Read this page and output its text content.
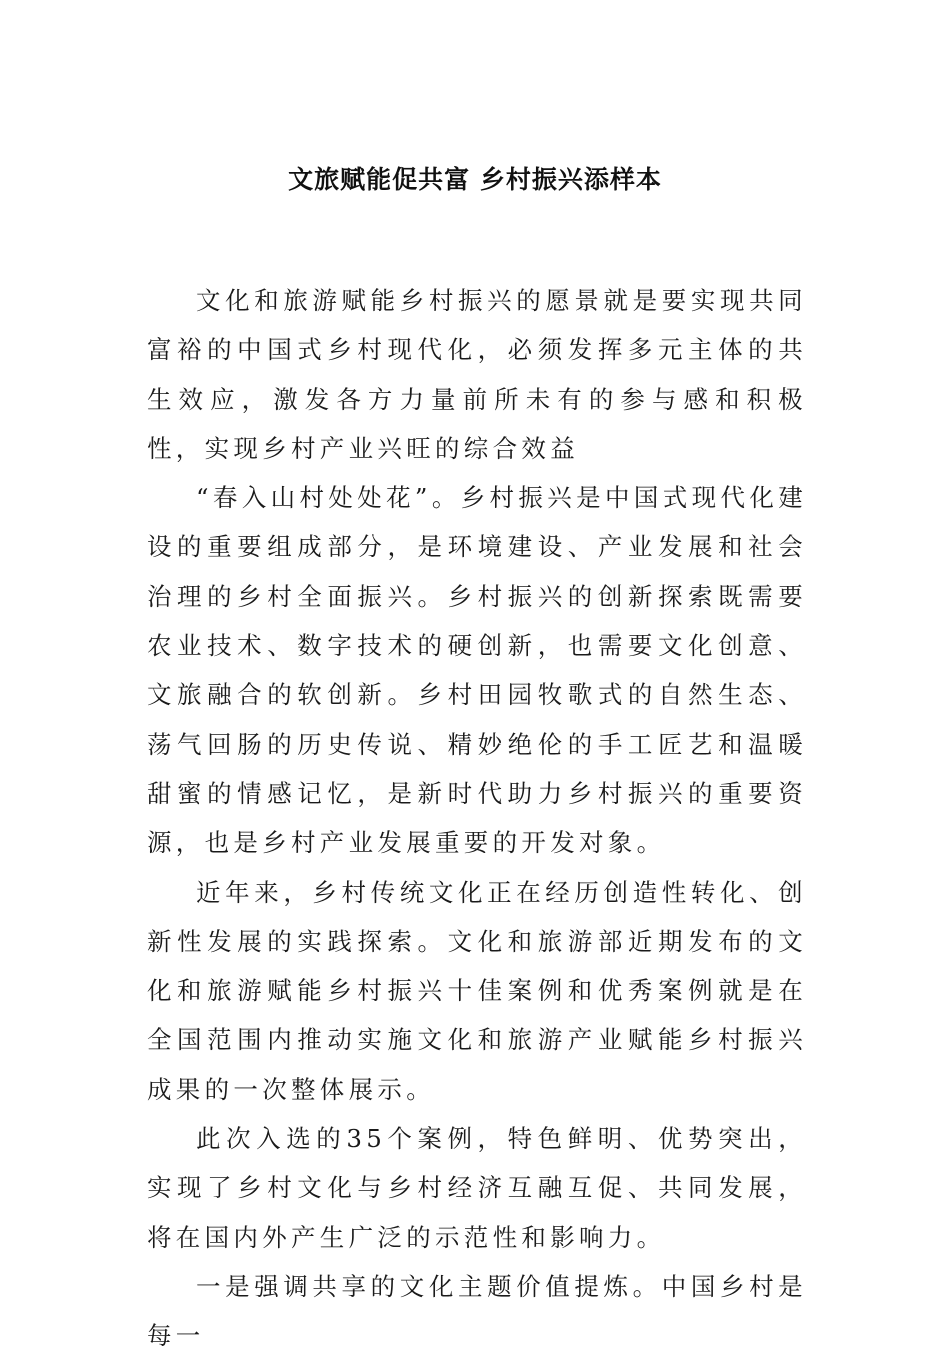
文旅赋能促共富 乡村振兴添样本

文化和旅游赋能乡村振兴的愿景就是要实现共同富裕的中国式乡村现代化，必须发挥多元主体的共生效应，激发各方力量前所未有的参与感和积极性，实现乡村产业兴旺的综合效益

“春入山村处处花”。乡村振兴是中国式现代化建设的重要组成部分，是环境建设、产业发展和社会治理的乡村全面振兴。乡村振兴的创新探索既需要农业技术、数字技术的硬创新，也需要文化创意、文旅融合的软创新。乡村田园牧歌式的自然生态、荡气回肠的历史传说、精妙绝伦的手工匠艺和温暖甜蜜的情感记忆，是新时代助力乡村振兴的重要资源，也是乡村产业发展重要的开发对象。

近年来，乡村传统文化正在经历创造性转化、创新性发展的实践探索。文化和旅游部近期发布的文化和旅游赋能乡村振兴十佳案例和优秀案例就是在全国范围内推动实施文化和旅游产业赋能乡村振兴成果的一次整体展示。

此次入选的35个案例，特色鲜明、优势突出，实现了乡村文化与乡村经济互融互促、共同发展，将在国内外产生广泛的示范性和影响力。

一是强调共享的文化主题价值提炼。中国乡村是每一
